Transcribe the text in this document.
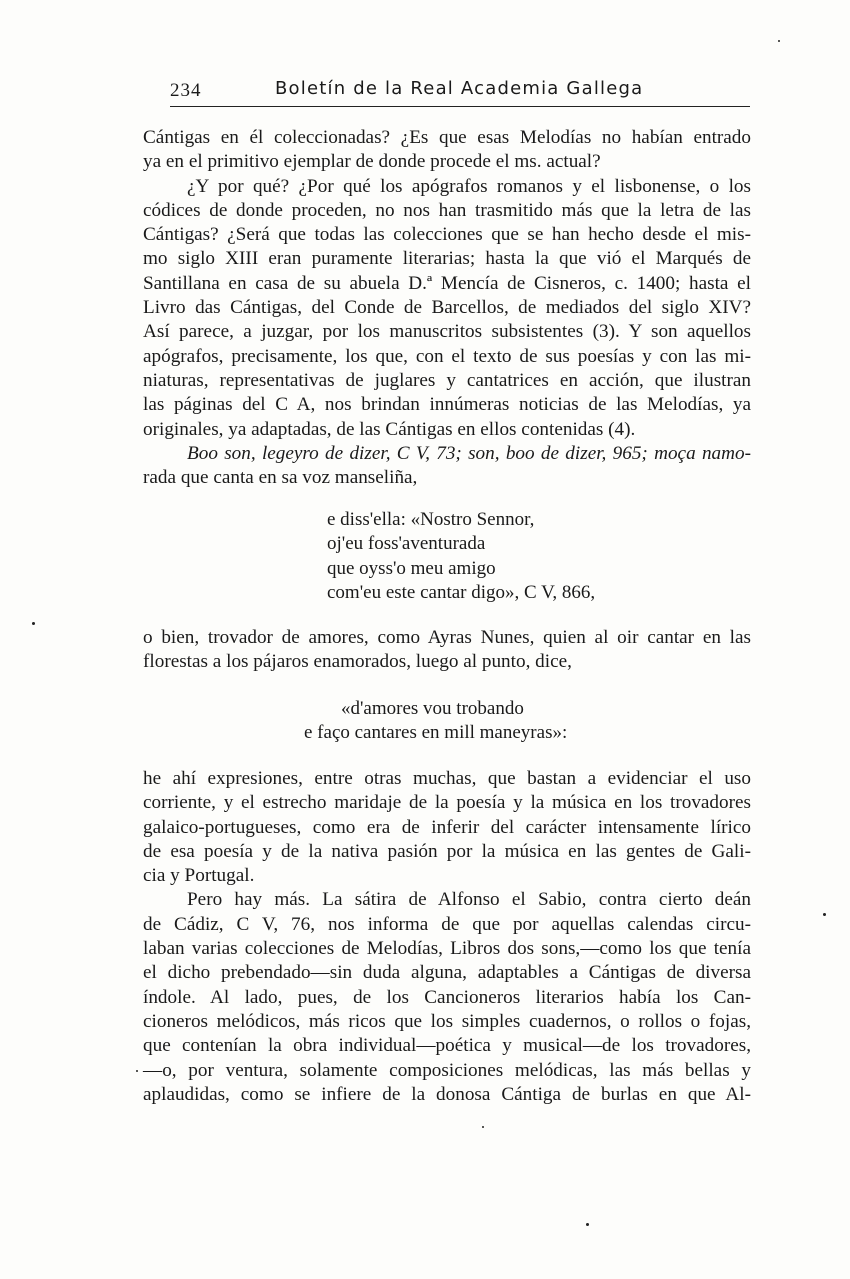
234	Boletín de la Real Academia Gallega
Cántigas en él coleccionadas? ¿Es que esas Melodías no habían entrado
ya en el primitivo ejemplar de donde procede el ms. actual?
¿Y por qué? ¿Por qué los apógrafos romanos y el lisbonense, o los
códices de donde proceden, no nos han trasmitido más que la letra de las
Cántigas? ¿Será que todas las colecciones que se han hecho desde el mis-
mo siglo XIII eran puramente literarias; hasta la que vió el Marqués de
Santillana en casa de su abuela D.ª Mencía de Cisneros, c. 1400; hasta el
Livro das Cántigas, del Conde de Barcellos, de mediados del siglo XIV?
Así parece, a juzgar, por los manuscritos subsistentes (3). Y son aquellos
apógrafos, precisamente, los que, con el texto de sus poesías y con las mi-
niaturas, representativas de juglares y cantatrices en acción, que ilustran
las páginas del C A, nos brindan innúmeras noticias de las Melodías, ya
originales, ya adaptadas, de las Cántigas en ellos contenidas (4).
Boo son, legeyro de dizer, C V, 73; son, boo de dizer, 965; moça namo-
rada que canta en sa voz manseliña,
e diss'ella: «Nostro Sennor,
oj'eu foss'aventurada
que oyss'o meu amigo
com'eu este cantar digo», C V, 866,
o bien, trovador de amores, como Ayras Nunes, quien al oir cantar en las
florestas a los pájaros enamorados, luego al punto, dice,
«d'amores vou trobando
e faço cantares en mill maneyras»:
he ahí expresiones, entre otras muchas, que bastan a evidenciar el uso
corriente, y el estrecho maridaje de la poesía y la música en los trovadores
galaico-portugueses, como era de inferir del carácter intensamente lírico
de esa poesía y de la nativa pasión por la música en las gentes de Gali-
cia y Portugal.
Pero hay más. La sátira de Alfonso el Sabio, contra cierto deán
de Cádiz, C V, 76, nos informa de que por aquellas calendas circu-
laban varias colecciones de Melodías, Libros dos sons,—como los que tenía
el dicho prebendado—sin duda alguna, adaptables a Cántigas de diversa
índole. Al lado, pues, de los Cancioneros literarios había los Can-
cioneros melódicos, más ricos que los simples cuadernos, o rollos o fojas,
que contenían la obra individual—poética y musical—de los trovadores,
—o, por ventura, solamente composiciones melódicas, las más bellas y
aplaudidas, como se infiere de la donosa Cántiga de burlas en que Al-
